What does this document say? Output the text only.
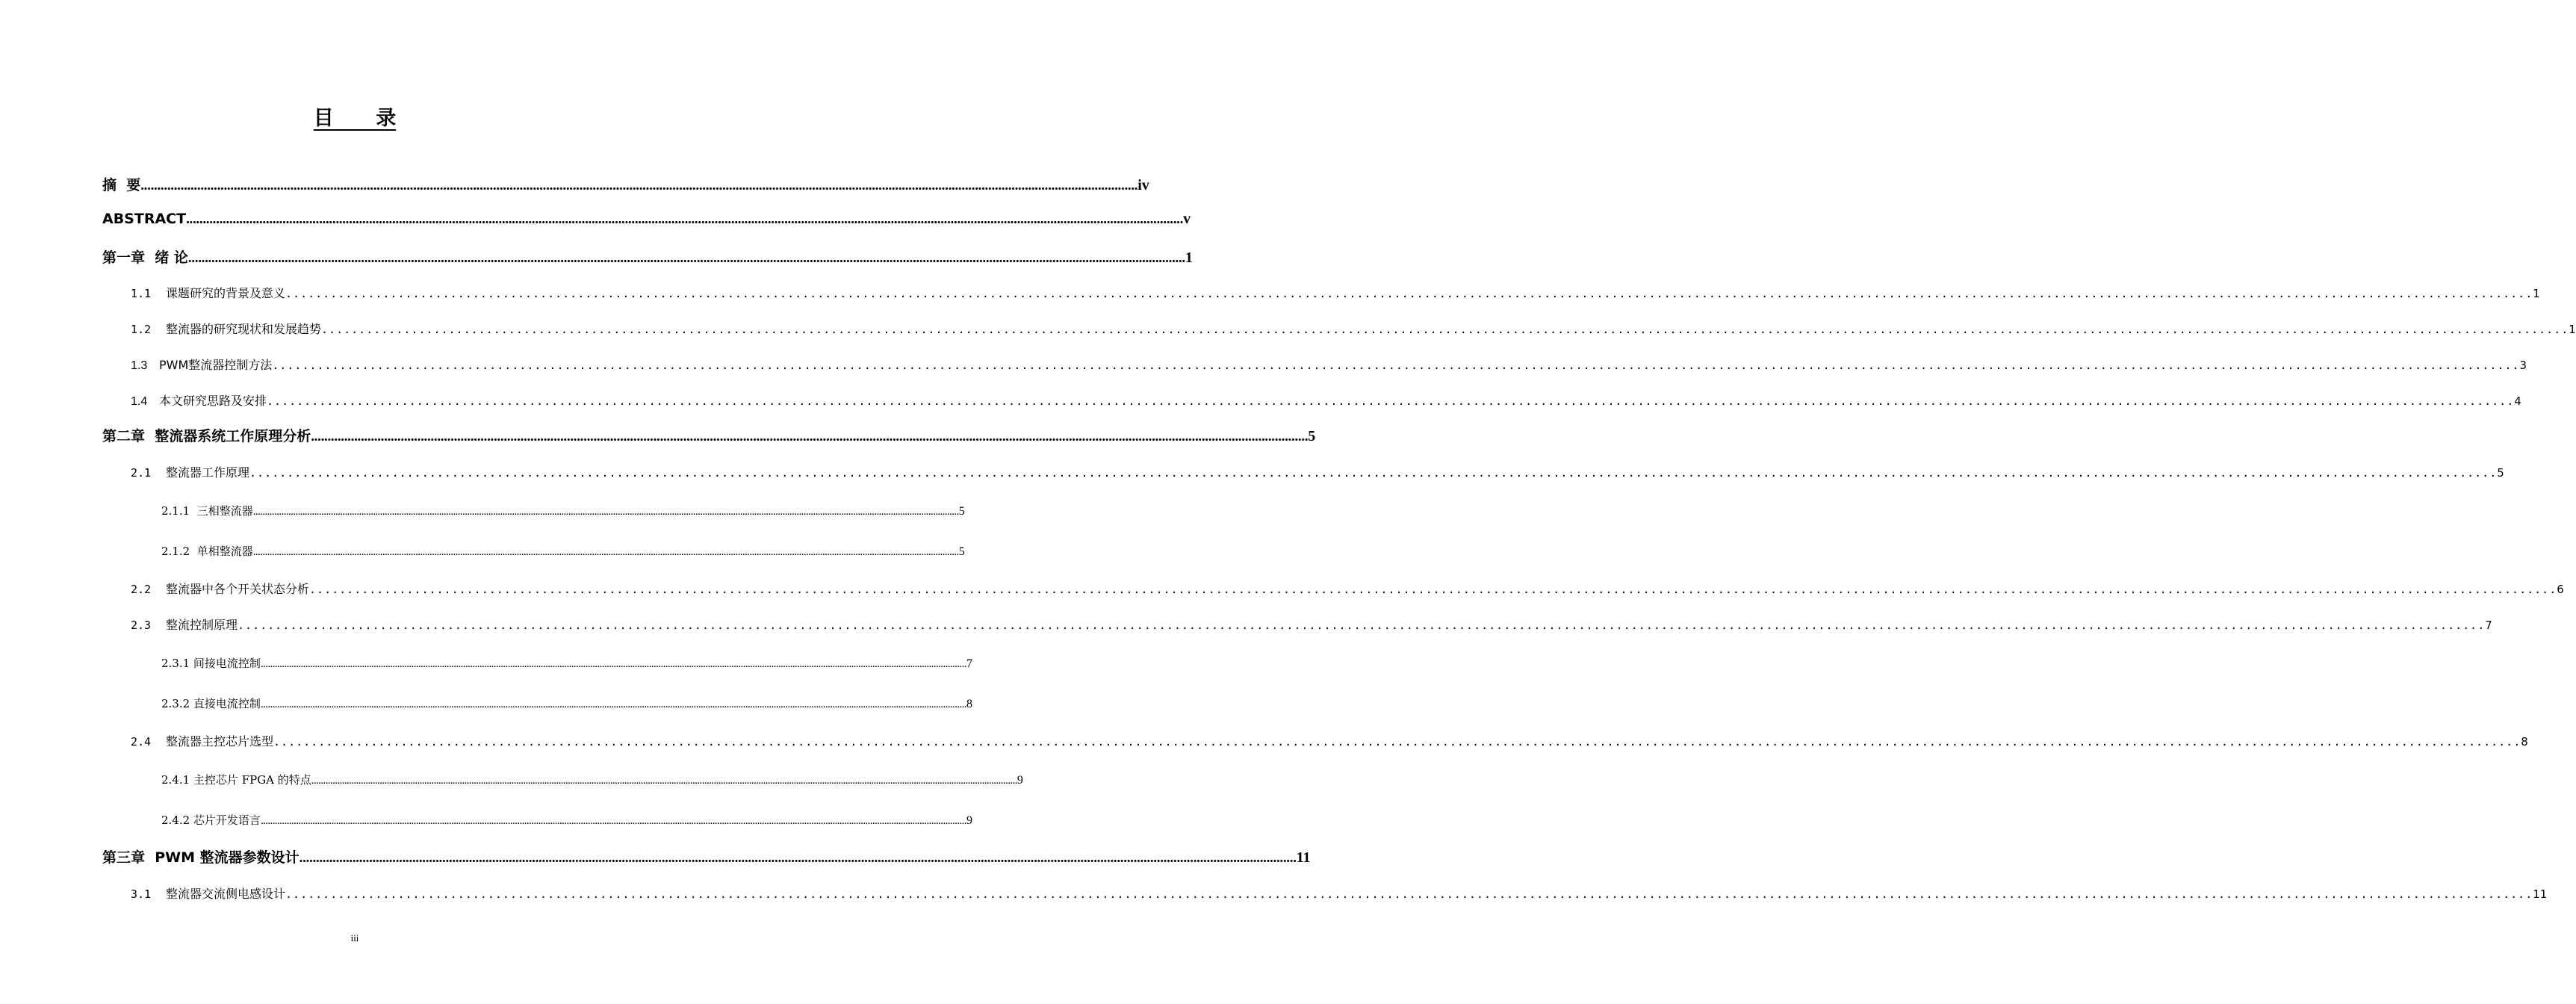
目      录
摘  要 ............................................................................................................................................................................................................................................................................................................ iv
ABSTRACT ............................................................................................................................................................................................................................................................................................................ v
第一章  绪 论 ............................................................................................................................................................................................................................................................................................................ 1
1.1 课题研究的背景及意义 ............................................................................................................................................................................................................................................................................................................ 1
1.2 整流器的研究现状和发展趋势 ............................................................................................................................................................................................................................................................................................................ 1
1.3 PWM整流器控制方法 ............................................................................................................................................................................................................................................................................................................ 3
1.4 本文研究思路及安排 ............................................................................................................................................................................................................................................................................................................ 4
第二章  整流器系统工作原理分析 ............................................................................................................................................................................................................................................................................................................ 5
2.1 整流器工作原理 ............................................................................................................................................................................................................................................................................................................ 5
2.1.1  三相整流器 ............................................................................................................................................................................................................................................................................................................ 5
2.1.2  单相整流器 ............................................................................................................................................................................................................................................................................................................ 5
2.2 整流器中各个开关状态分析 ............................................................................................................................................................................................................................................................................................................ 6
2.3 整流控制原理 ............................................................................................................................................................................................................................................................................................................ 7
2.3.1 间接电流控制 ............................................................................................................................................................................................................................................................................................................ 7
2.3.2 直接电流控制 ............................................................................................................................................................................................................................................................................................................ 8
2.4 整流器主控芯片选型 ............................................................................................................................................................................................................................................................................................................ 8
2.4.1 主控芯片 FPGA 的特点 ............................................................................................................................................................................................................................................................................................................ 9
2.4.2 芯片开发语言 ............................................................................................................................................................................................................................................................................................................ 9
第三章  PWM 整流器参数设计 ............................................................................................................................................................................................................................................................................................................ 11
3.1 整流器交流侧电感设计 ............................................................................................................................................................................................................................................................................................................ 11
iii
